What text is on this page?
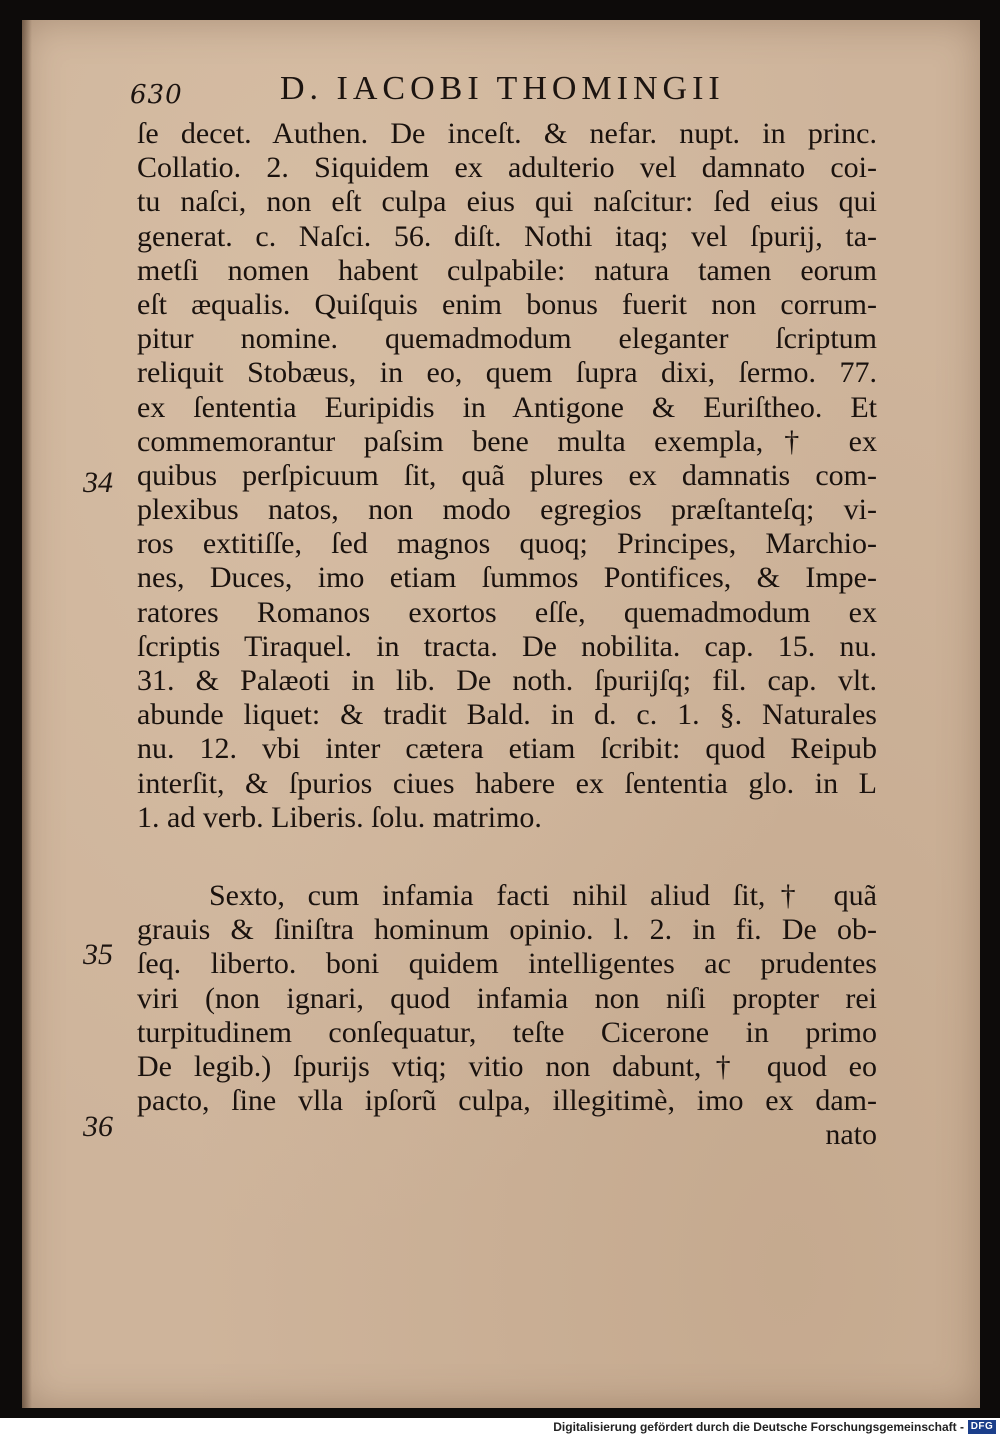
630	D. IACOBI THOMINGII
ſe decet. Authen. De inceſt. & nefar. nupt. in princ.
Collatio. 2. Siquidem ex adulterio vel damnato coi-
tu naſci, non eſt culpa eius qui naſcitur: ſed eius qui
generat. c. Naſci. 56. diſt. Nothi itaq; vel ſpurij, ta-
metſi nomen habent culpabile: natura tamen eorum
eſt æqualis. Quiſquis enim bonus fuerit non corrum-
pitur nomine. quemadmodum eleganter ſcriptum
reliquit Stobæus, in eo, quem ſupra dixi, ſermo. 77.
ex ſententia Euripidis in Antigone & Euriſtheo. Et
commemorantur paſsim bene multa exempla,† ex
quibus perſpicuum ſit, quã plures ex damnatis com-
plexibus natos, non modo egregios præſtanteſq; vi-
ros extitiſſe, ſed magnos quoq; Principes, Marchio-
nes, Duces, imo etiam ſummos Pontifices, & Impe-
ratores Romanos exortos eſſe, quemadmodum ex
ſcriptis Tiraquel. in tracta. De nobilita. cap. 15. nu.
31. & Palæoti in lib. De noth. ſpurijſq; fil. cap. vlt.
abunde liquet: & tradit Bald. in d. c. 1. §. Naturales
nu. 12. vbi inter cætera etiam ſcribit: quod Reipub
interſit, & ſpurios ciues habere ex ſententia glo. in L
1. ad verb. Liberis. ſolu. matrimo.
Sexto, cum infamia facti nihil aliud ſit,† quã
grauis & ſiniſtra hominum opinio. l. 2. in fi. De ob-
ſeq. liberto. boni quidem intelligentes ac prudentes
viri (non ignari, quod infamia non niſi propter rei
turpitudinem conſequatur, teſte Cicerone in primo
De legib.) ſpurijs vtiq; vitio non dabunt,† quod eo
pacto, ſine vlla ipſorũ culpa, illegitimè, imo ex dam-
nato
34
35
36
Digitalisierung gefördert durch die Deutsche Forschungsgemeinschaft - DFG
